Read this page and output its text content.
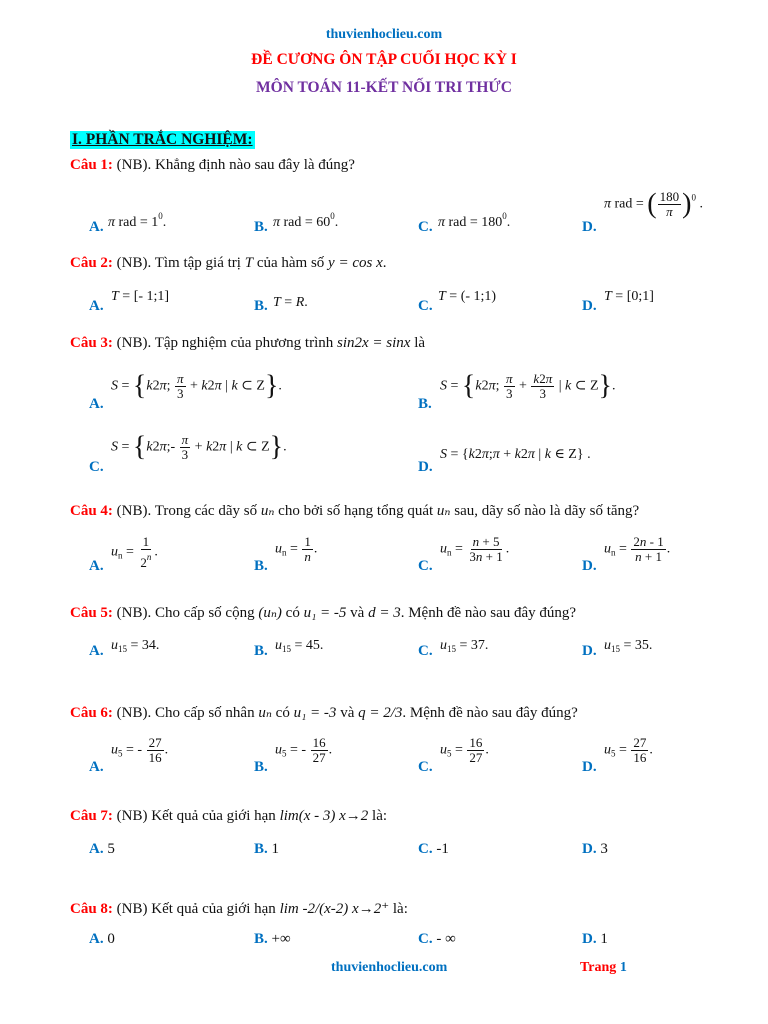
thuvienhoclieu.com
ĐỀ CƯƠNG ÔN TẬP CUỐI HỌC KỲ I
MÔN TOÁN 11-KẾT NỐI TRI THỨC
I. PHẦN TRẮC NGHIỆM:
Câu 1: (NB). Khẳng định nào sau đây là đúng?
A. π rad = $1^0$.	B. π rad = $60^0$.	C. π rad = $180^0$.	D.
π rad = ( $\frac{180}{\pi} )^0$ .
Câu 2: (NB). Tìm tập giá trị T của hàm số y = cos x.
A.
T = [- 1;1]
B. T = R.	C.
T = (- 1;1)
D.
T = [0;1]
Câu 3: (NB). Tập nghiệm của phương trình sin2x = sinx là
A.
S = {k2π; $\frac{\pi}{3} + k2\pi$ | k ⊂ Z}.
B.
S = {k2π; $\frac{\pi}{3} + \frac{k2\pi}{3}$ | k ⊂ Z}.
C.
S = {k2π;- $\frac{\pi}{3} + k2\pi$ | k ⊂ Z}.
D.
S = {k2π;π + k2π | k ∈ Z} .
Câu 4: (NB). Trong các dãy số uₙ cho bởi số hạng tổng quát uₙ sau, dãy số nào là dãy số tăng?
A.
$u_n = \frac{1}{2^n}$ .
B.
$u_n = \frac{1}{n}$ .
C.
$u_n = \frac{n + 5}{3n + 1}$ .
D.
$u_n = \frac{2n - 1}{n + 1}$ .
Câu 5: (NB). Cho cấp số cộng (uₙ) có u₁ = -5 và d = 3. Mệnh đề nào sau đây đúng?
A. $u_{15} = 34$.	B. $u_{15} = 45$.	C. $u_{15} = 37$.	D. $u_{15} = 35$.
Câu 6: (NB). Cho cấp số nhân uₙ có u₁ = -3 và q = 2/3. Mệnh đề nào sau đây đúng?
A.
$u_5$ = - $\frac{27}{16}$ .
B.
$u_5$ = - $\frac{16}{27}$ .
C.
$u_5 = \frac{16}{27}$ .
D.
$u_5 = \frac{27}{16}$ .
Câu 7: (NB) Kết quả của giới hạn lim(x - 3) x→2 là:
A. 5	B. 1	C. -1	D. 3
Câu 8: (NB) Kết quả của giới hạn lim -2/(x-2) x→2⁺ là:
A. 0	B. +∞	C. - ∞	D. 1
thuvienhoclieu.com	Trang 1
